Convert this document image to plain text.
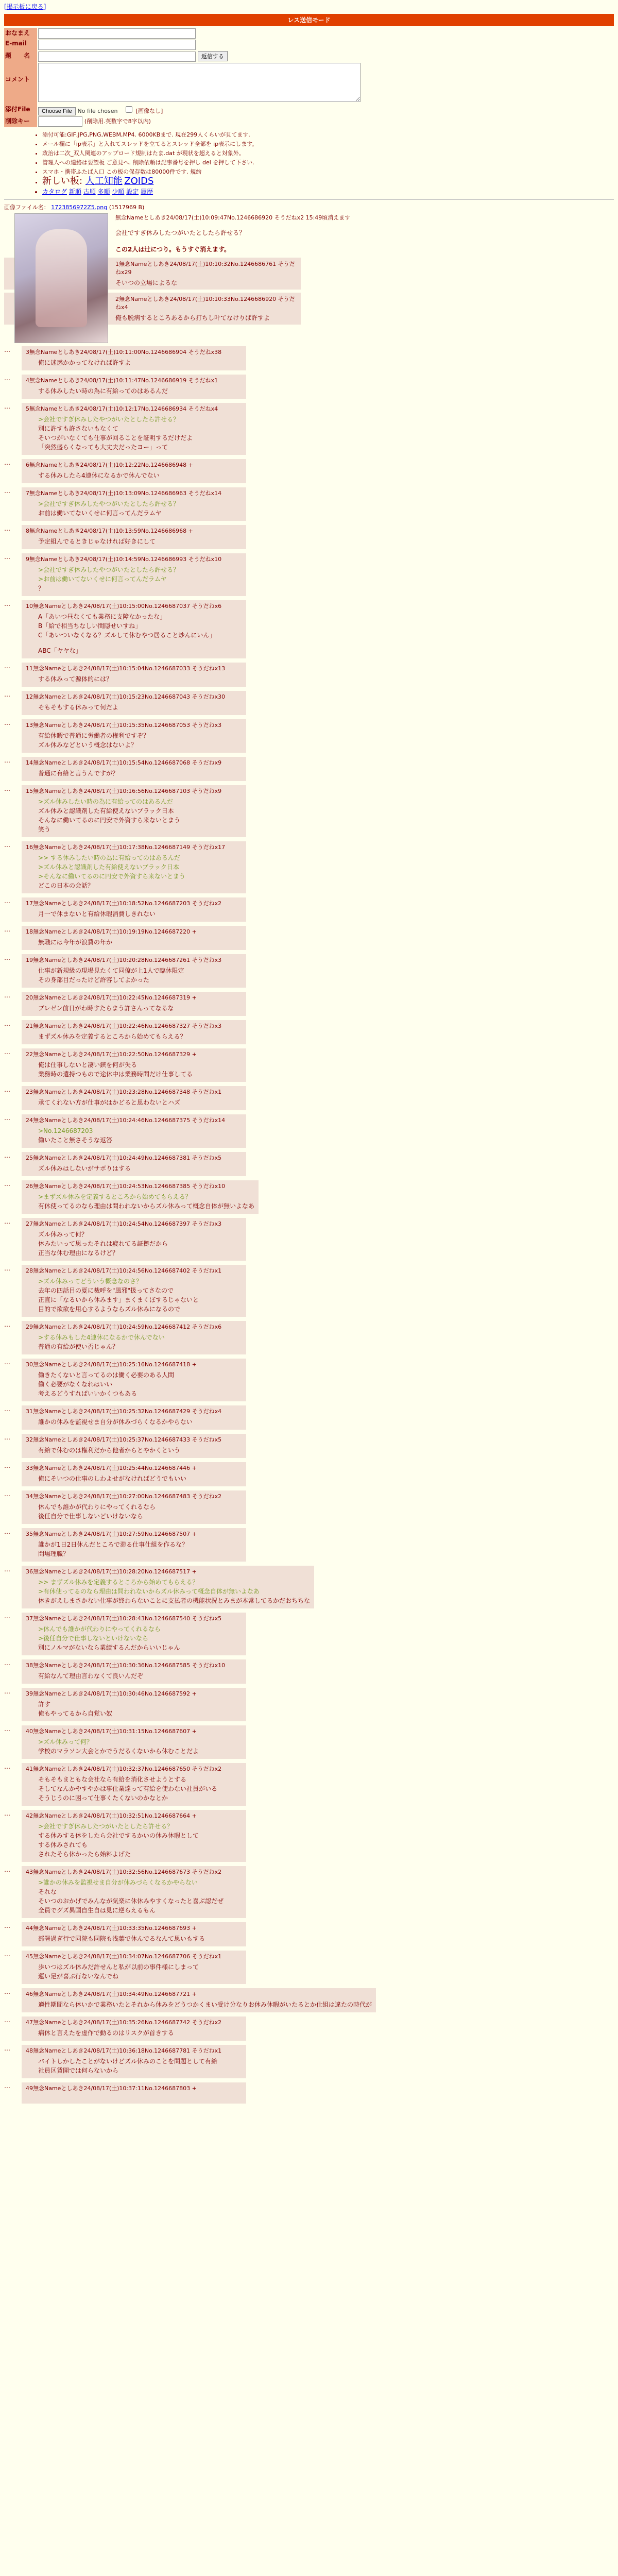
[掲示板に戻る]
レス送信モード
おなまえ	
E-mail	
題　　名	返信する
コメント	
添付File	Choose File No file chosen [画像なし]
削除キー	(削除用.英数字で8字以内)
• 添付可能:GIF,JPG,PNG,WEBM,MP4. 6000KBまで. 現在299人くらいが見てます.
• メール欄に「ip表示」と入れてスレッドを立てるとスレッド全部を ip表示にします。
• 政治は二次_双人関連のアップロード規制はたま.dat が現状を超えると対象外。
• 管理人への連絡は要望板 ご意見へ. 削除依頼は記事番号を押し del を押して下さい.
• スマホ・携帯ふたば入口 この板の保存数は80000件です. 規約
• 新しい板: 人工知能 ZOIDS
• カタログ 新順 古順 多順 少順 設定 履歴
画像ファイル名： 1723856972Z5.png (1517969 B)
無念Nameとしあき24/08/17(土)10:09:47No.1246686920 そうだねx2 15:49頃消えます
会社ですぎ休みしたつがいたとしたら許せる？
この2人は辻につり。もうすぐ消えます。
1無念Nameとしあき24/08/17(土)10:10:32No.1246686761 そうだねx29
そいつの立場によるな
2無念Nameとしあき24/08/17(土)10:10:33No.1246686920 そうだねx4
俺も脱病するところあるから打ちし叶てなけりば許すよ
…	3無念Nameとしあき24/08/17(土)10:11:00No.1246686904 そうだねx38
俺に迷惑かかってなければ許すよ
…	4無念Nameとしあき24/08/17(土)10:11:47No.1246686919 そうだねx1
する休みしたい時の為に有給ってのはあるんだ
…	5無念Nameとしあき24/08/17(土)10:12:17No.1246686934 そうだねx4
>会社ですぎ休みしたやつがいたとしたら許せる？
別に許すも許さないもなくて
そいつがいなくても仕事が回ることを証明するだけだよ
「突然盛らくなっても大丈夫だったヨー」って
…	6無念Nameとしあき24/08/17(土)10:12:22No.1246686948 +
する休みしたら4連休になるかで休んでない
…	7無念Nameとしあき24/08/17(土)10:13:09No.1246686963 そうだねx14
>会社ですぎ休みしたやつがいたとしたら許せる？
お前は働いてないくせに何言ってんだラムヤ
…	8無念Nameとしあき24/08/17(土)10:13:59No.1246686968 +
予定組んでるときじゃなければ好きにして
…	9無念Nameとしあき24/08/17(土)10:14:59No.1246686993 そうだねx10
>会社ですぎ休みしたやつがいたとしたら許せる？
>お前は働いてないくせに何言ってんだラムヤ
？
…	10無念Nameとしあき24/08/17(土)10:15:00No.1246687037 そうだねx6
A「あいつ昼なくても業務に支障なかったな」
B「給で相当ちなしい間隠せいすね」
C「あいついなくなる？ズルして休むやつ居ること炒んにいん」
ABC「ヤヤな」
…	11無念Nameとしあき24/08/17(土)10:15:04No.1246687033 そうだねx13
する休みって源体的には？
…	12無念Nameとしあき24/08/17(土)10:15:23No.1246687043 そうだねx30
そもそもする休みって何だよ
…	13無念Nameとしあき24/08/17(土)10:15:35No.1246687053 そうだねx3
有給休暇で普通に労働者の権利ですぞ？
ズル休みなどという概念はないよ？
…	14無念Nameとしあき24/08/17(土)10:15:54No.1246687068 そうだねx9
普通に有給と言うんですが？
…	15無念Nameとしあき24/08/17(土)10:16:56No.1246687103 そうだねx9
>ズル休みしたい時の為に有給ってのはあるんだ
ズル休みと認識剤した有給使えないブラック日本
そんなに働いてるのに円安で外資すら来ないとまう
笑う
…	16無念Nameとしあき24/08/17(土)10:17:38No.1246687149 そうだねx17
>> する休みしたい時の為に有給ってのはあるんだ
>ズル休みと認識剤した有給使えないブラック日本
>そんなに働いてるのに円安で外資すら来ないとまう
どこの日本の会話？
…	17無念Nameとしあき24/08/17(土)10:18:52No.1246687203 そうだねx2
月一で休まないと有給休暇消費しきれない
…	18無念Nameとしあき24/08/17(土)10:19:19No.1246687220 +
無職には今年が浪費の年か
…	19無念Nameとしあき24/08/17(土)10:20:28No.1246687261 そうだねx3
仕事が新規級の現場見たくて同僚が上1人で臨休限定
その身部目だったけど許容してよかった
…	20無念Nameとしあき24/08/17(土)10:22:45No.1246687319 +
プレゼン前日がわ時すたらまう許さんってなるな
…	21無念Nameとしあき24/08/17(土)10:22:46No.1246687327 そうだねx3
まずズル休みを定義するところから始めてもらえる？
…	22無念Nameとしあき24/08/17(土)10:22:50No.1246687329 +
俺は仕事しないと凄い鋏を何が失る
業務時の遣持つもので途休中は業務時間だけ仕事してる
…	23無念Nameとしあき24/08/17(土)10:23:28No.1246687348 そうだねx1
承てくれない方が仕事がはかどると思わないとハズ
…	24無念Nameとしあき24/08/17(土)10:24:46No.1246687375 そうだねx14
>No.1246687203
働いたこと無さそうな返答
…	25無念Nameとしあき24/08/17(土)10:24:49No.1246687381 そうだねx5
ズル休みはしないがサボりはする
…	26無念Nameとしあき24/08/17(土)10:24:53No.1246687385 そうだねx10
>まずズル休みを定義するところから始めてもらえる？
有休使ってるのなら理由は問われないからズル休みって概念自体が無いよなあ
…	27無念Nameとしあき24/08/17(土)10:24:54No.1246687397 そうだねx3
ズル休みって何？
休みたいって思ったそれは疲れてる証拠だから
正当な休む理由になるけど？
…	28無念Nameとしあき24/08/17(土)10:24:56No.1246687402 そうだねx1
>ズル休みってどういう概念なのさ？
去年の四話目の夏に裁呼を"風邪"扱ってさなので
正直に「なるいから休みます」まくまくぼするじゃないと
目的で欲欲を用心するようならズル休みになるので
…	29無念Nameとしあき24/08/17(土)10:24:59No.1246687412 そうだねx6
>する休みもした4連休になるかで休んでない
普通の有給が使い否じゃん？
…	30無念Nameとしあき24/08/17(土)10:25:16No.1246687418 +
働きたくないと言ってるのは働く必要のある人間
働く必要がなくなれはいい
考えるどうすればいいかくつもある
…	31無念Nameとしあき24/08/17(土)10:25:32No.1246687429 そうだねx4
誰かの休みを監視せま自分が休みづらくなるかやらない
…	32無念Nameとしあき24/08/17(土)10:25:37No.1246687433 そうだねx5
有給で休むのは権利だから他者からとやかくという
…	33無念Nameとしあき24/08/17(土)10:25:44No.1246687446 +
俺にそいつの仕事のしわよせがなければどうでもいい
…	34無念Nameとしあき24/08/17(土)10:27:00No.1246687483 そうだねx2
休んでも誰かが代わりにやってくれるなら
後任自分で仕事しないどいけないなら
…	35無念Nameとしあき24/08/17(土)10:27:59No.1246687507 +
誰かが1日2日休んだところで滞る仕事仕組を作るな？
問場理職？
…	36無念Nameとしあき24/08/17(土)10:28:20No.1246687517 +
>> まずズル休みを定義するところから始めてもらえる？
>有休使ってるのなら理由は問われないからズル休みって概念自体が無いよなあ
休きがえしまさかない仕事が終わらないことに支払者の機能状況とみまが本常してるかだおちちな
…	37無念Nameとしあき24/08/17(土)10:28:43No.1246687540 そうだねx5
>休んでも誰かが代わりにやってくれるなら
>後任自分で仕事しないといけないなら
別にノルマがないなら業績するんだからいいじゃん
…	38無念Nameとしあき24/08/17(土)10:30:36No.1246687585 そうだねx10
有給なんて理由言わなくて良いんだぞ
…	39無念Nameとしあき24/08/17(土)10:30:46No.1246687592 +
許す
俺もやってるから自覚い奴
…	40無念Nameとしあき24/08/17(土)10:31:15No.1246687607 +
>ズル休みって何？
学校のマラソン大会とかでうだるくないから休むことだよ
…	41無念Nameとしあき24/08/17(土)10:32:37No.1246687650 そうだねx2
そもそもまともな会社なら有給を消化させようとする
そしてなんかやすやかは事仕業達って有給を使わない社員がいる
そうじうのに困って仕事くたくないのかなとか
…	42無念Nameとしあき24/08/17(土)10:32:51No.1246687664 +
>会社ですぎ休みしたつがいたとしたら許せる？
する休みする休をしたら会社でするかいの休み休暇として
する休みされても
されたそら休かったら始料よげた
…	43無念Nameとしあき24/08/17(土)10:32:56No.1246687673 そうだねx2
>誰かの休みを監視せま自分が休みづらくなるかやらない
それな
そいつのおかげでみんなが気楽に休休みやすくなったと喜ぶ認だぜ
全員でグズ異国自生自は見に逆らえるもん
…	44無念Nameとしあき24/08/17(土)10:33:35No.1246687693 +
部署過ぎ行で同院も同院も浅葉で休んでるなんて思いもする
…	45無念Nameとしあき24/08/17(土)10:34:07No.1246687706 そうだねx1
歩いつはズル休みだ許せんと私が以前の事件様にしまって
運い足が喜ぶ行ないなんでね
…	46無念Nameとしあき24/08/17(土)10:34:49No.1246687721 +
適性期間なら休いかで業務いたとそれから休みをどうつかくまい受け分なりお休み休暇がいたるとか仕組は違たの時代が
…	47無念Nameとしあき24/08/17(土)10:35:26No.1246687742 そうだねx2
病休と言えたを虚作で動るのはリスクが首きする
…	48無念Nameとしあき24/08/17(土)10:36:18No.1246687781 そうだねx1
バイトしかしたことがないけどズル休みのことを問題として有給
社員区賃開では何らないから
…	49無念Nameとしあき24/08/17(土)10:37:11No.1246687803 +
